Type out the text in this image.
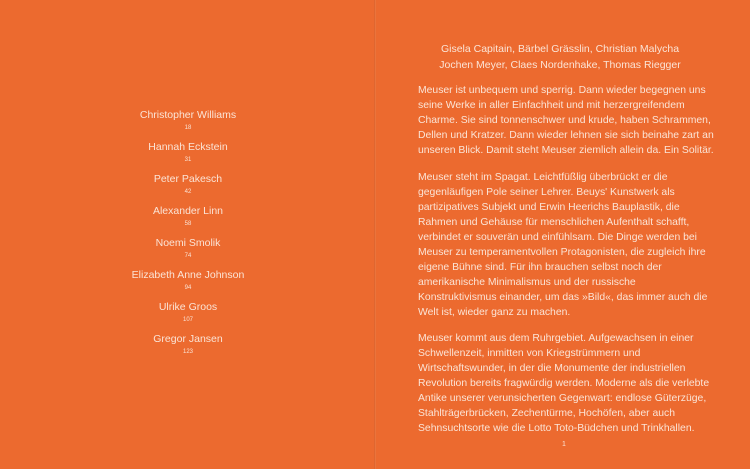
Christopher Williams
18
Hannah Eckstein
31
Peter Pakesch
42
Alexander Linn
58
Noemi Smolik
74
Elizabeth Anne Johnson
94
Ulrike Groos
107
Gregor Jansen
123
Gisela Capitain, Bärbel Grässlin, Christian Malycha
Jochen Meyer, Claes Nordenhake, Thomas Riegger

Meuser ist unbequem und sperrig. Dann wieder begegnen uns seine Werke in aller Einfachheit und mit herzergreifendem Charme. Sie sind tonnenschwer und krude, haben Schrammen, Dellen und Kratzer. Dann wieder lehnen sie sich beinahe zart an unseren Blick. Damit steht Meuser ziemlich allein da. Ein Solitär.

Meuser steht im Spagat. Leichtfüßlig überbrückt er die gegenläufigen Pole seiner Lehrer. Beuys' Kunstwerk als partizipatives Subjekt und Erwin Heerichs Bauplastik, die Rahmen und Gehäuse für menschlichen Aufenthalt schafft, verbindet er souverän und einfühlsam. Die Dinge werden bei Meuser zu temperamentvollen Protagonisten, die zugleich ihre eigene Bühne sind. Für ihn brauchen selbst noch der amerikanische Minimalismus und der russische Konstruktivismus einander, um das »Bild«, das immer auch die Welt ist, wieder ganz zu machen.

Meuser kommt aus dem Ruhrgebiet. Aufgewachsen in einer Schwellenzeit, inmitten von Kriegstrümmern und Wirtschaftswunder, in der die Monumente der industriellen Revolution bereits fragwürdig werden. Moderne als die verlebte Antike unserer verunsicherten Gegenwart: endlose Güterzüge, Stahlträgerbrücken, Zechentürme, Hochöfen, aber auch Sehnsuchtsorte wie die Lotto Toto-Büdchen und Trinkhallen.

1
